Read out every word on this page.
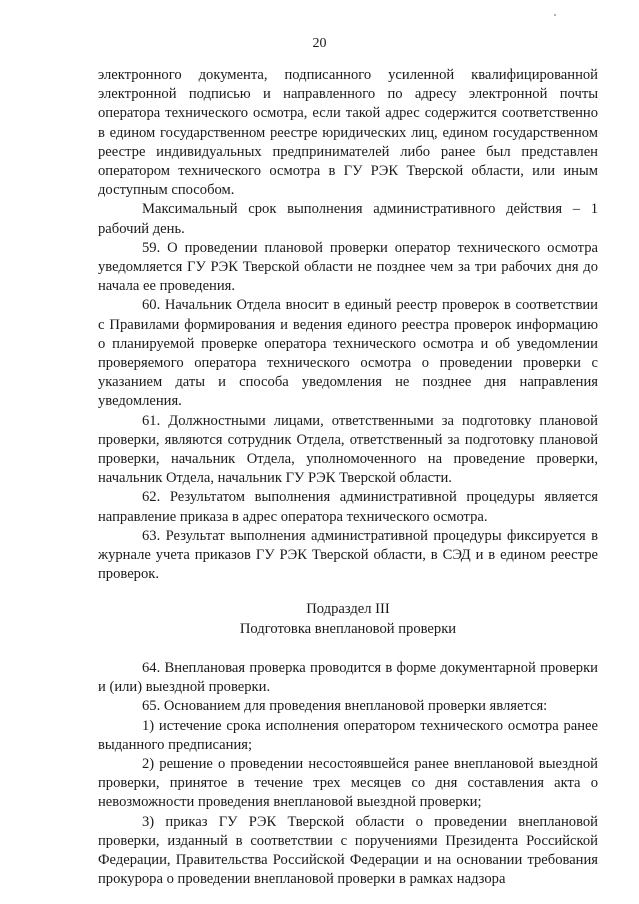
20

электронного документа, подписанного усиленной квалифицированной электронной подписью и направленного по адресу электронной почты оператора технического осмотра, если такой адрес содержится соответственно в едином государственном реестре юридических лиц, едином государственном реестре индивидуальных предпринимателей либо ранее был представлен оператором технического осмотра в ГУ РЭК Тверской области, или иным доступным способом.

Максимальный срок выполнения административного действия – 1 рабочий день.

59. О проведении плановой проверки оператор технического осмотра уведомляется ГУ РЭК Тверской области не позднее чем за три рабочих дня до начала ее проведения.

60. Начальник Отдела вносит в единый реестр проверок в соответствии с Правилами формирования и ведения единого реестра проверок информацию о планируемой проверке оператора технического осмотра и об уведомлении проверяемого оператора технического осмотра о проведении проверки с указанием даты и способа уведомления не позднее дня направления уведомления.

61. Должностными лицами, ответственными за подготовку плановой проверки, являются сотрудник Отдела, ответственный за подготовку плановой проверки, начальник Отдела, уполномоченного на проведение проверки, начальник Отдела, начальник ГУ РЭК Тверской области.

62. Результатом выполнения административной процедуры является направление приказа в адрес оператора технического осмотра.

63. Результат выполнения административной процедуры фиксируется в журнале учета приказов ГУ РЭК Тверской области, в СЭД и в едином реестре проверок.

Подраздел III
Подготовка внеплановой проверки

64. Внеплановая проверка проводится в форме документарной проверки и (или) выездной проверки.

65. Основанием для проведения внеплановой проверки является:

1) истечение срока исполнения оператором технического осмотра ранее выданного предписания;

2) решение о проведении несостоявшейся ранее внеплановой выездной проверки, принятое в течение трех месяцев со дня составления акта о невозможности проведения внеплановой выездной проверки;

3) приказ ГУ РЭК Тверской области о проведении внеплановой проверки, изданный в соответствии с поручениями Президента Российской Федерации, Правительства Российской Федерации и на основании требования прокурора о проведении внеплановой проверки в рамках надзора
